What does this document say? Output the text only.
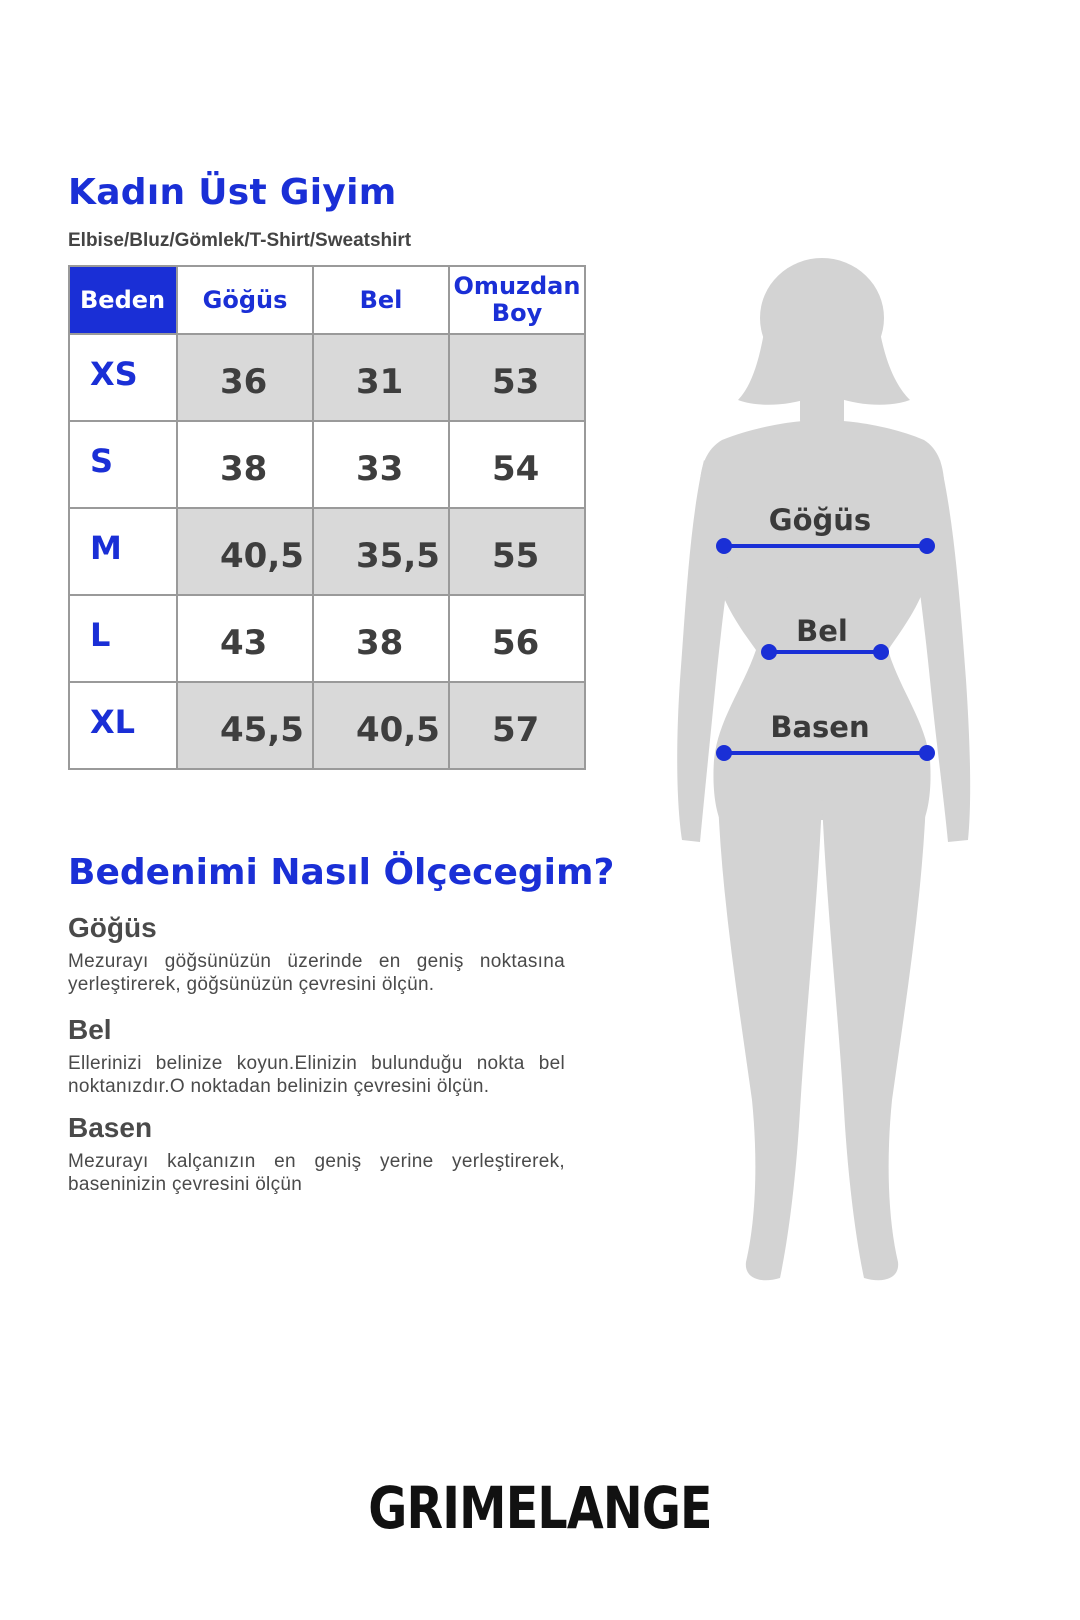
Kadın Üst Giyim

Elbise/Bluz/Gömlek/T-Shirt/Sweatshirt

Beden	Göğüs	Bel	Omuzdan Boy
XS	36	31	53
S	38	33	54
M	40,5	35,5	55
L	43	38	56
XL	45,5	40,5	57
Bedenimi Nasıl Ölçecegim?
Göğüs

Mezurayı göğsünüzün üzerinde en geniş noktasına yerleştirerek, göğsünüzün çevresini ölçün.

Bel

Ellerinizi belinize koyun.Elinizin bulunduğu nokta bel noktanızdır.O noktadan belinizin çevresini ölçün.

Basen

Mezurayı kalçanızın en geniş yerine yerleştirerek, baseninizin çevresini ölçün

Göğüs
Bel
Basen
GRIMELANGE
